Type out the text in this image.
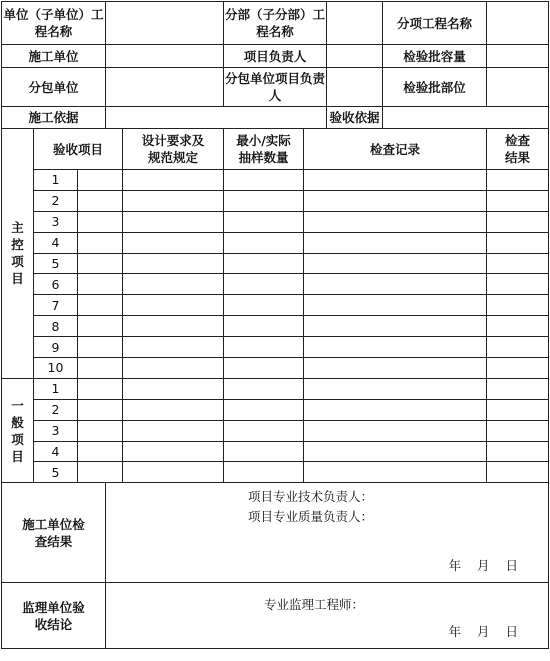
单位（子单位）工程名称					分部（子分部）工程名称			分项工程名称	
施工单位					项目负责人			检验批容量	
分包单位					分包单位项目负责人			检验批部位	
施工依据							验收依据		
主控项目	验收项目			设计要求及规范规定	最小/实际抽样数量	检查记录			检查结果
	1								
	2								
	3								
	4								
	5								
	6								
	7								
	8								
	9								
	10								
一般项目	1								
	2								
	3								
	4								
	5								
施工单位检查结果			项目专业技术负责人：
项目专业质量负责人：
年 月 日						

监理单位验收结论			专业监理工程师：
年 月 日						
